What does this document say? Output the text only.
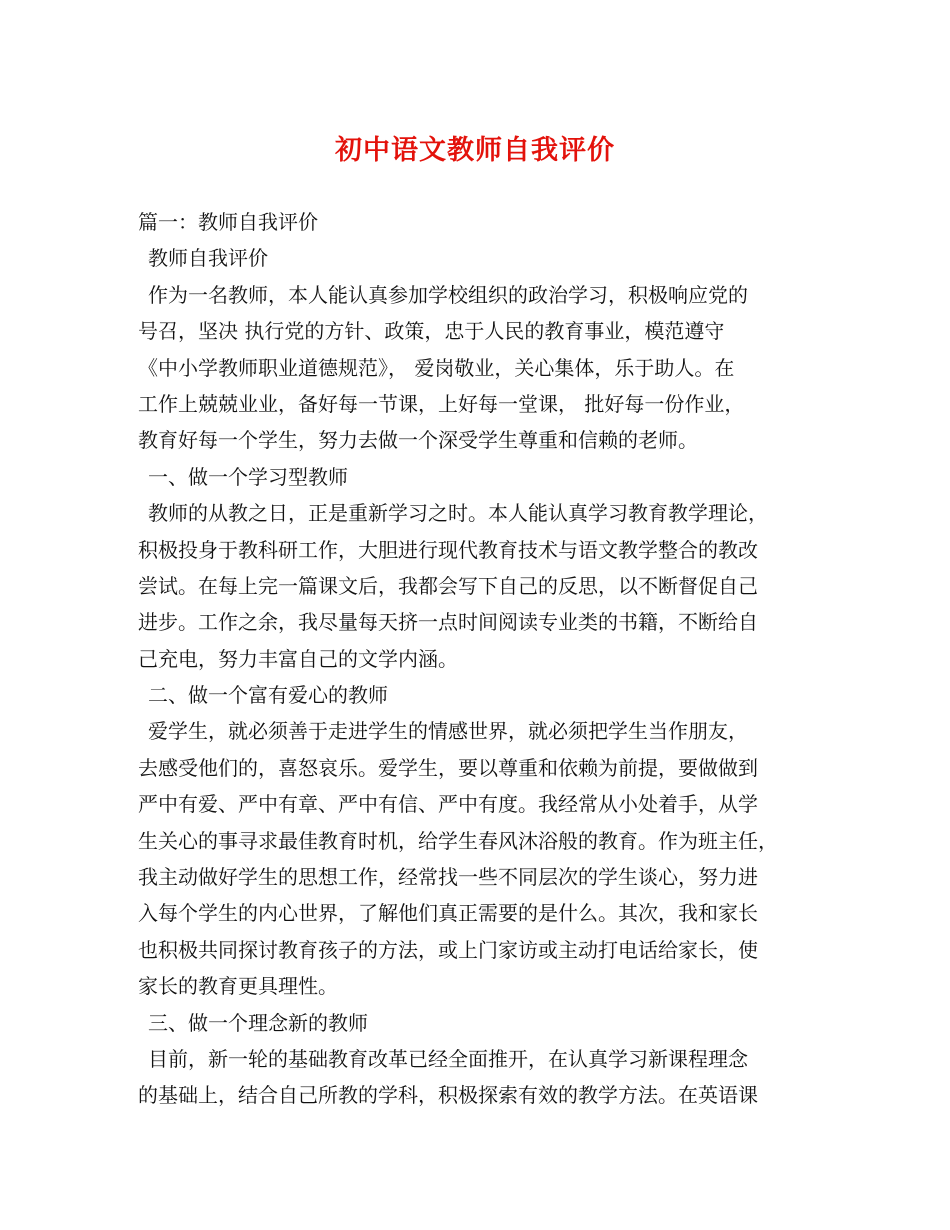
初中语文教师自我评价
篇一：教师自我评价
教师自我评价
作为一名教师，本人能认真参加学校组织的政治学习，积极响应党的
号召，坚决 执行党的方针、政策，忠于人民的教育事业，模范遵守
《中小学教师职业道德规范》， 爱岗敬业，关心集体，乐于助人。在
工作上兢兢业业，备好每一节课，上好每一堂课， 批好每一份作业，
教育好每一个学生，努力去做一个深受学生尊重和信赖的老师。
一、做一个学习型教师
教师的从教之日，正是重新学习之时。本人能认真学习教育教学理论，
积极投身于教科研工作，大胆进行现代教育技术与语文教学整合的教改
尝试。在每上完一篇课文后，我都会写下自己的反思，以不断督促自己
进步。工作之余，我尽量每天挤一点时间阅读专业类的书籍，不断给自
己充电，努力丰富自己的文学内涵。
二、做一个富有爱心的教师
爱学生，就必须善于走进学生的情感世界，就必须把学生当作朋友，
去感受他们的，喜怒哀乐。爱学生，要以尊重和依赖为前提，要做做到
严中有爱、严中有章、严中有信、严中有度。我经常从小处着手，从学
生关心的事寻求最佳教育时机，给学生春风沐浴般的教育。作为班主任，
我主动做好学生的思想工作，经常找一些不同层次的学生谈心，努力进
入每个学生的内心世界，了解他们真正需要的是什么。其次，我和家长
也积极共同探讨教育孩子的方法，或上门家访或主动打电话给家长，使
家长的教育更具理性。
三、做一个理念新的教师
目前，新一轮的基础教育改革已经全面推开，在认真学习新课程理念
的基础上，结合自己所教的学科，积极探索有效的教学方法。在英语课
